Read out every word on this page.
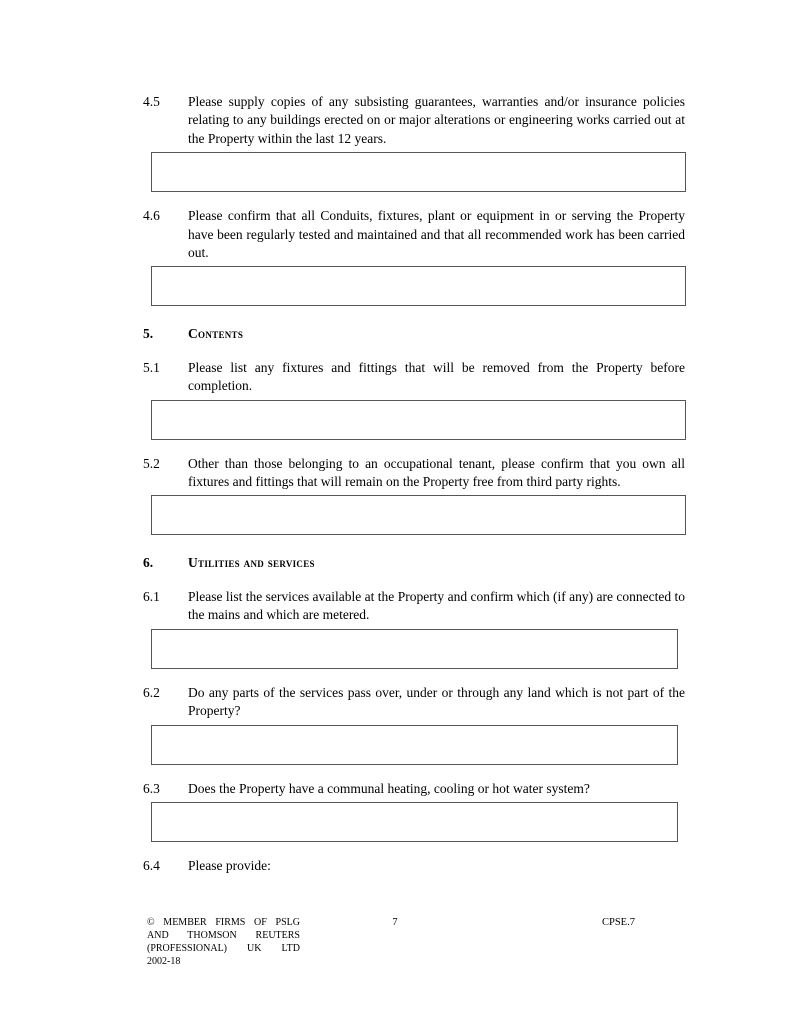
4.5	Please supply copies of any subsisting guarantees, warranties and/or insurance policies relating to any buildings erected on or major alterations or engineering works carried out at the Property within the last 12 years.
4.6	Please confirm that all Conduits, fixtures, plant or equipment in or serving the Property have been regularly tested and maintained and that all recommended work has been carried out.
5.	Contents
5.1	Please list any fixtures and fittings that will be removed from the Property before completion.
5.2	Other than those belonging to an occupational tenant, please confirm that you own all fixtures and fittings that will remain on the Property free from third party rights.
6.	Utilities and services
6.1	Please list the services available at the Property and confirm which (if any) are connected to the mains and which are metered.
6.2	Do any parts of the services pass over, under or through any land which is not part of the Property?
6.3	Does the Property have a communal heating, cooling or hot water system?
6.4	Please provide:
© MEMBER FIRMS OF PSLG
AND THOMSON REUTERS
(PROFESSIONAL) UK LTD
2002-18
7	CPSE.7
